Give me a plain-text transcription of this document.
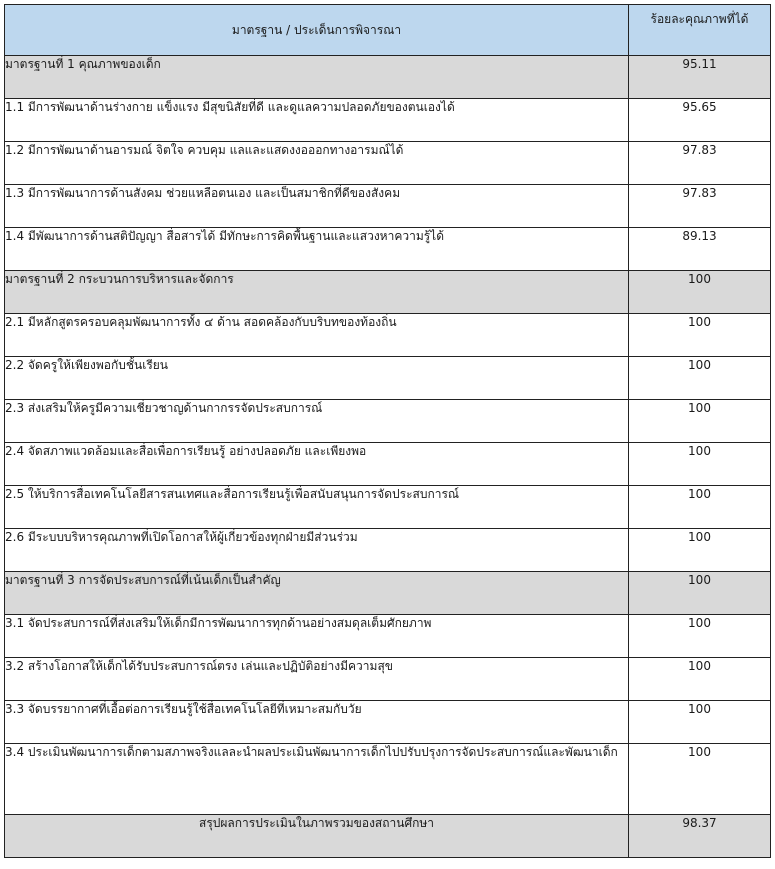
มาตรฐาน / ประเด็นการพิจารณา	ร้อยละคุณภาพที่ได้
มาตรฐานที่ 1 คุณภาพของเด็ก	95.11
1.1 มีการพัฒนาด้านร่างกาย แข็งแรง มีสุขนิสัยที่ดี และดูแลความปลอดภัยของตนเองได้	95.65
1.2 มีการพัฒนาด้านอารมณ์ จิตใจ ควบคุม แลและแสดงงอออกทางอารมณ์ได้	97.83
1.3 มีการพัฒนาการด้านสังคม ช่วยแหลือตนเอง และเป็นสมาชิกที่ดีของสังคม	97.83
1.4 มีพัฒนาการด้านสติปัญญา สื่อสารได้ มีทักษะการคิดพื้นฐานและแสวงหาความรู้ได้	89.13
มาตรฐานที่ 2 กระบวนการบริหารและจัดการ	100
2.1 มีหลักสูตรครอบคลุมพัฒนาการทั้ง ๔ ด้าน สอดคล้องกับบริบทของท้องถิ่น	100
2.2 จัดครูให้เพียงพอกับชั้นเรียน	100
2.3 ส่งเสริมให้ครูมีความเชี่ยวชาญด้านกากรรจัดประสบการณ์	100
2.4 จัดสภาพแวดล้อมและสื่อเพื่อการเรียนรู้ อย่างปลอดภัย และเพียงพอ	100
2.5 ให้บริการสื่อเทคโนโลยีสารสนเทศและสื่อการเรียนรู้เพื่อสนับสนุนการจัดประสบการณ์	100
2.6 มีระบบบริหารคุณภาพที่เปิดโอกาสให้ผู้เกี่ยวข้องทุกฝ่ายมีส่วนร่วม	100
มาตรฐานที่ 3 การจัดประสบการณ์ที่เน้นเด็กเป็นสำคัญ	100
3.1 จัดประสบการณ์ที่ส่งเสริมให้เด็กมีการพัฒนาการทุกด้านอย่างสมดุลเต็มศักยภาพ	100
3.2 สร้างโอกาสให้เด็กได้รับประสบการณ์ตรง เล่นและปฏิบัติอย่างมีความสุข	100
3.3 จัดบรรยากาศที่เอื้อต่อการเรียนรู้ใช้สื่อเทคโนโลยีที่เหมาะสมกับวัย	100

3.4 ประเมินพัฒนาการเด็กตามสภาพจริงแลละนำผลประเมินพัฒนาการเด็กไปปรับปรุงการจัดประสบการณ์และพัฒนาเด็ก	100
สรุปผลการประเมินในภาพรวมของสถานศึกษา	98.37
